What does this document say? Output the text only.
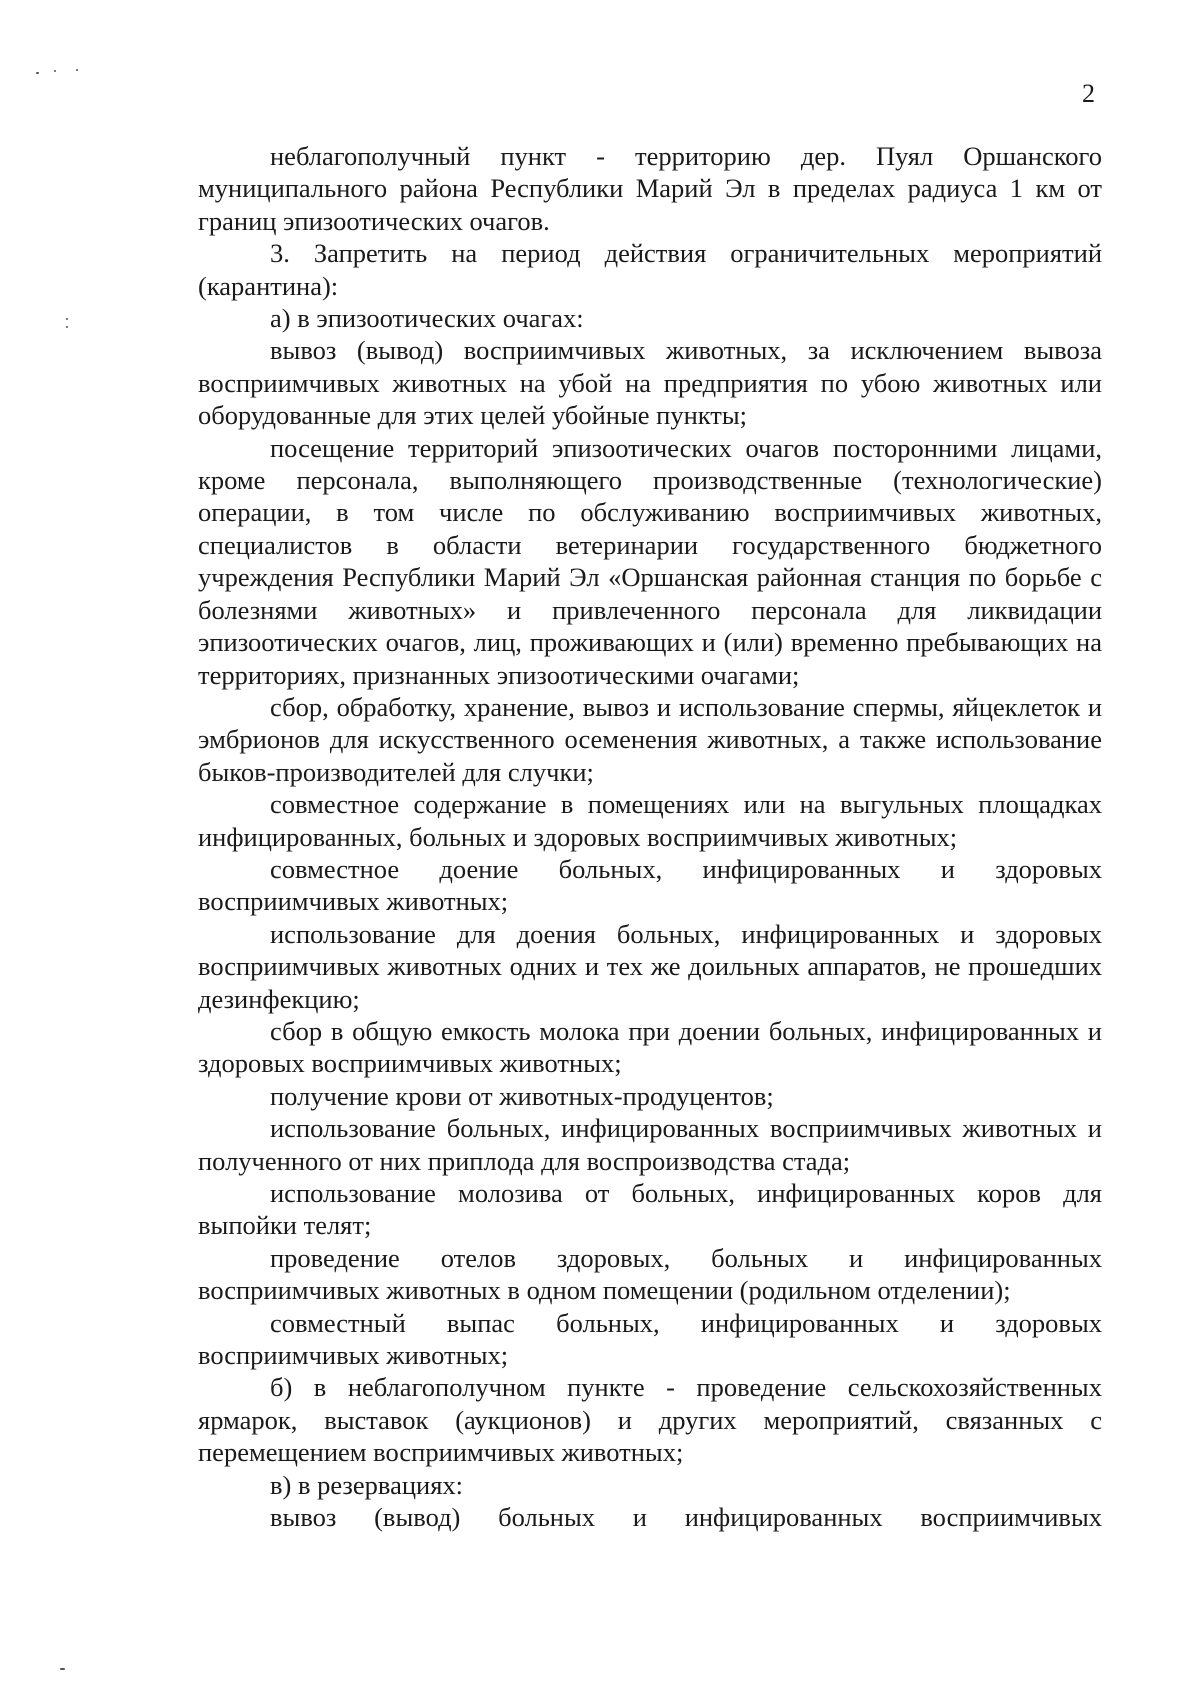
2

неблагополучный пункт - территорию дер. Пуял Оршанского муниципального района Республики Марий Эл в пределах радиуса 1 км от границ эпизоотических очагов.

3. Запретить на период действия ограничительных мероприятий (карантина):

а) в эпизоотических очагах:

вывоз (вывод) восприимчивых животных, за исключением вывоза восприимчивых животных на убой на предприятия по убою животных или оборудованные для этих целей убойные пункты;

посещение территорий эпизоотических очагов посторонними лицами, кроме персонала, выполняющего производственные (технологические) операции, в том числе по обслуживанию восприимчивых животных, специалистов в области ветеринарии государственного бюджетного учреждения Республики Марий Эл «Оршанская районная станция по борьбе с болезнями животных» и привлеченного персонала для ликвидации эпизоотических очагов, лиц, проживающих и (или) временно пребывающих на территориях, признанных эпизоотическими очагами;

сбор, обработку, хранение, вывоз и использование спермы, яйцеклеток и эмбрионов для искусственного осеменения животных, а также использование быков-производителей для случки;

совместное содержание в помещениях или на выгульных площадках инфицированных, больных и здоровых восприимчивых животных;

совместное доение больных, инфицированных и здоровых восприимчивых животных;

использование для доения больных, инфицированных и здоровых восприимчивых животных одних и тех же доильных аппаратов, не прошедших дезинфекцию;

сбор в общую емкость молока при доении больных, инфицированных и здоровых восприимчивых животных;

получение крови от животных-продуцентов;

использование больных, инфицированных восприимчивых животных и полученного от них приплода для воспроизводства стада;

использование молозива от больных, инфицированных коров для выпойки телят;

проведение отелов здоровых, больных и инфицированных восприимчивых животных в одном помещении (родильном отделении);

совместный выпас больных, инфицированных и здоровых восприимчивых животных;

б) в неблагополучном пункте - проведение сельскохозяйственных ярмарок, выставок (аукционов) и других мероприятий, связанных с перемещением восприимчивых животных;

в) в резервациях:

вывоз (вывод) больных и инфицированных восприимчивых
